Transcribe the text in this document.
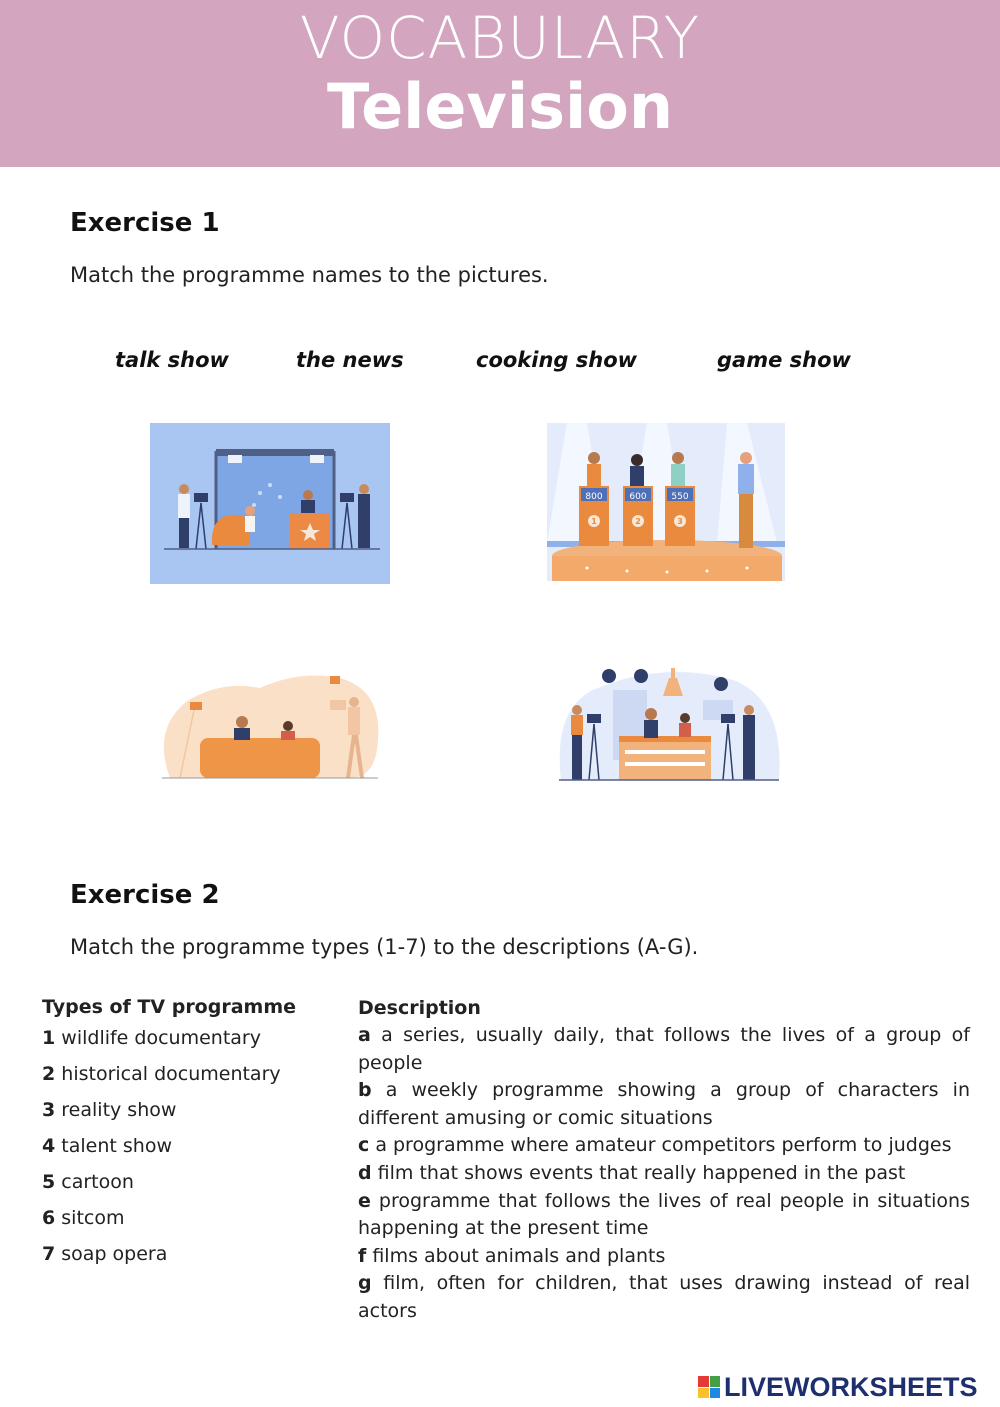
VOCABULARY
Television
Exercise 1
Match the programme names to the pictures.
talk show	the news	cooking show	game show
800	600	550
1	2	3
Exercise 2
Match the programme types (1-7) to the descriptions (A-G).
Types of TV programme
1 wildlife documentary
2 historical documentary
3 reality show
4 talent show
5 cartoon
6 sitcom
7 soap opera
Description
a a series, usually daily, that follows the lives of a group of people
b a weekly programme showing a group of characters in different amusing or comic situations
c a programme where amateur competitors perform to judges
d film that shows events that really happened in the past
e programme that follows the lives of real people in situations happening at the present time
f films about animals and plants
g film, often for children, that uses drawing instead of real actors
LIVEWORKSHEETS
